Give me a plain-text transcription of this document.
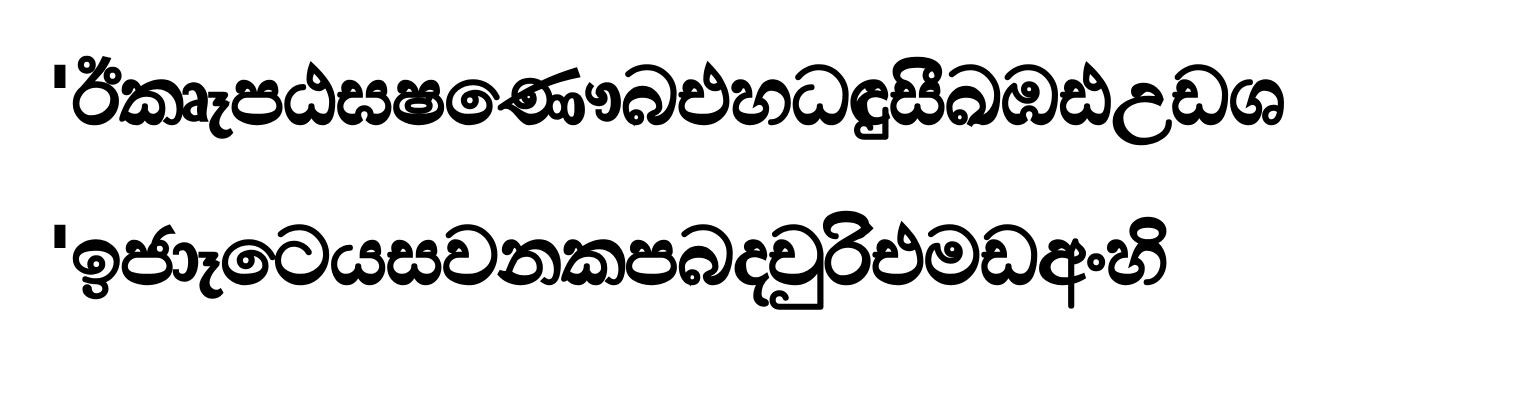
'ඊකෘෑපඨඝෂණෞබඑහධඳුසීඛඹඪඋඩශ
'ඉජාෑටෙයසවනකපබදචුරිඑමඩඅංහි
